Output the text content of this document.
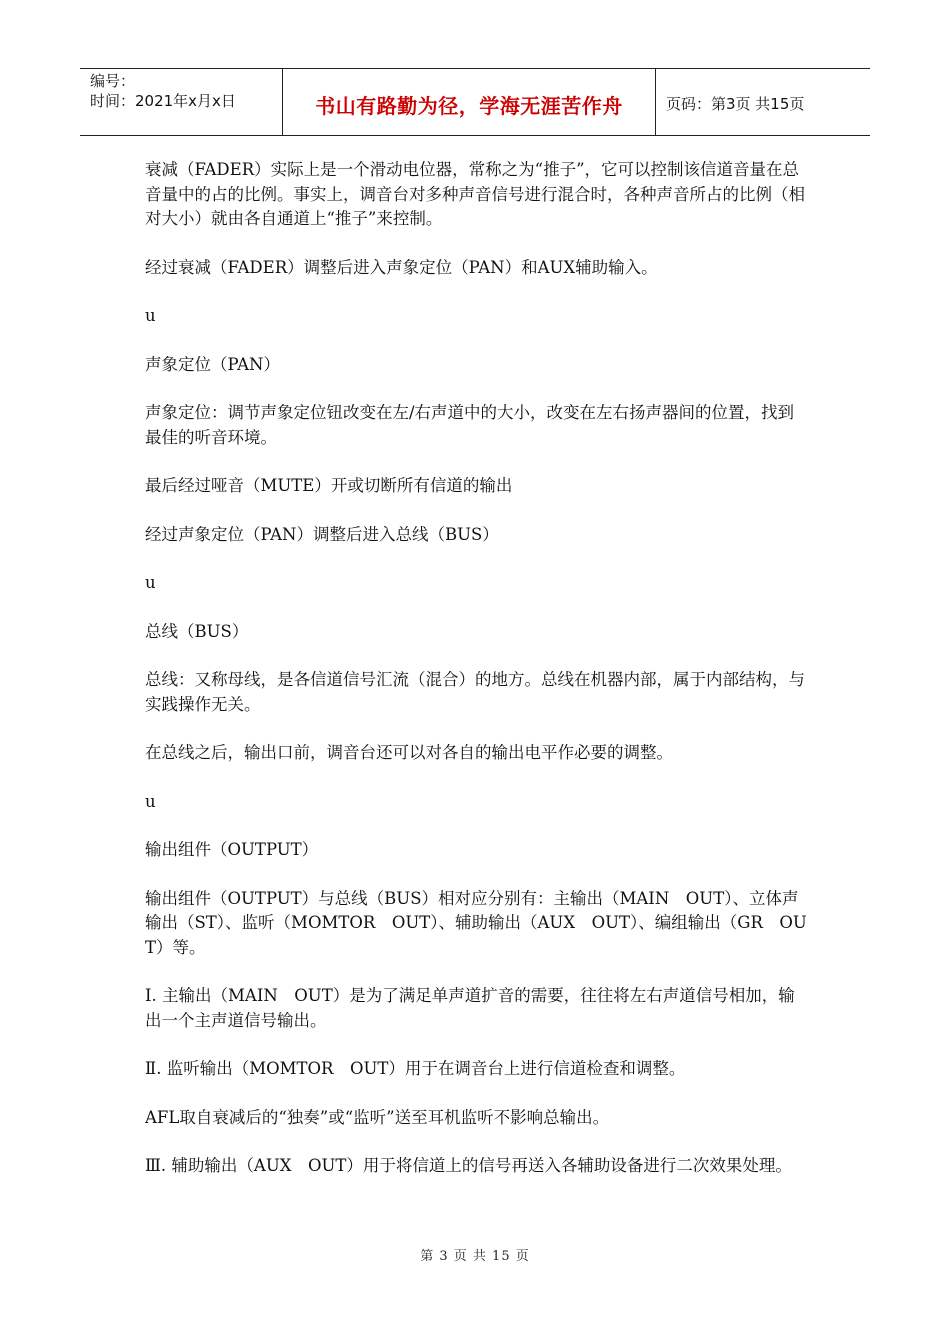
编号：
时间：2021年x月x日	书山有路勤为径，学海无涯苦作舟	页码：第3页 共15页

衰减（FADER）实际上是一个滑动电位器，常称之为“推子”，它可以控制该信道音量在总音量中的占的比例。事实上，调音台对多种声音信号进行混合时，各种声音所占的比例（相对大小）就由各自通道上“推子”来控制。

经过衰减（FADER）调整后进入声象定位（PAN）和AUX辅助输入。

u

声象定位（PAN）

声象定位：调节声象定位钮改变在左/右声道中的大小，改变在左右扬声器间的位置，找到最佳的听音环境。

最后经过哑音（MUTE）开或切断所有信道的输出

经过声象定位（PAN）调整后进入总线（BUS）

u

总线（BUS）

总线：又称母线，是各信道信号汇流（混合）的地方。总线在机器内部，属于内部结构，与实践操作无关。

在总线之后，输出口前，调音台还可以对各自的输出电平作必要的调整。

u

输出组件（OUTPUT）

输出组件（OUTPUT）与总线（BUS）相对应分别有：主输出（MAIN　OUT）、立体声输出（ST）、监听（MOMTOR　OUT）、辅助输出（AUX　OUT）、编组输出（GR　OUT）等。

Ⅰ. 主输出（MAIN　OUT）是为了满足单声道扩音的需要，往往将左右声道信号相加，输出一个主声道信号输出。

Ⅱ. 监听输出（MOMTOR　OUT）用于在调音台上进行信道检查和调整。

AFL取自衰减后的“独奏”或“监听”送至耳机监听不影响总输出。

Ⅲ. 辅助输出（AUX　OUT）用于将信道上的信号再送入各辅助设备进行二次效果处理。

第 3 页 共 15 页
